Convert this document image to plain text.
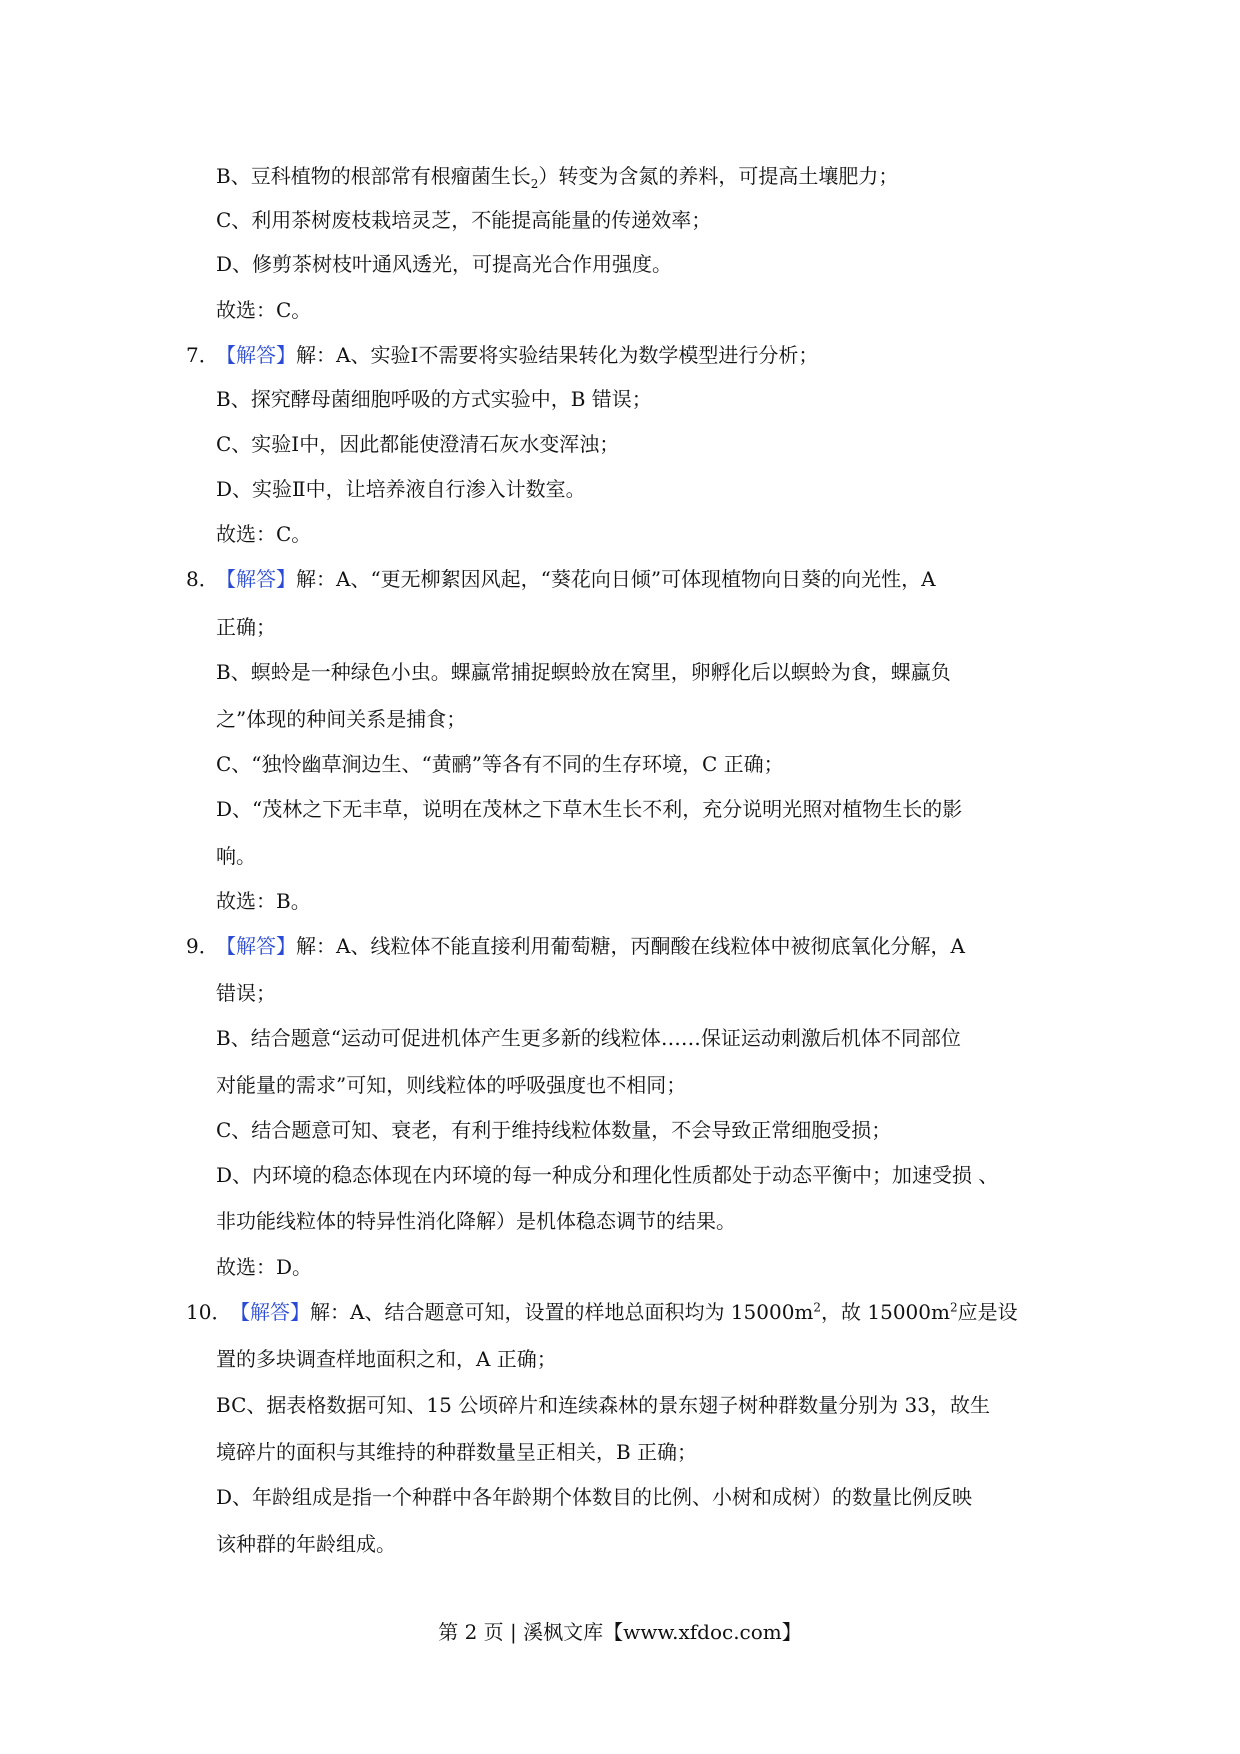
B、豆科植物的根部常有根瘤菌生长$_2$）转变为含氮的养料，可提高土壤肥力；
C、利用茶树废枝栽培灵芝，不能提高能量的传递效率；
D、修剪茶树枝叶通风透光，可提高光合作用强度。
故选：C。
7．【解答】解：A、实验Ⅰ不需要将实验结果转化为数学模型进行分析；
B、探究酵母菌细胞呼吸的方式实验中，B 错误；
C、实验Ⅰ中，因此都能使澄清石灰水变浑浊；
D、实验Ⅱ中，让培养液自行渗入计数室。
故选：C。
8．【解答】解：A、“更无柳絮因风起，“葵花向日倾”可体现植物向日葵的向光性，A
正确；
B、螟蛉是一种绿色小虫。蜾蠃常捕捉螟蛉放在窝里，卵孵化后以螟蛉为食，蜾蠃负
之”体现的种间关系是捕食；
C、“独怜幽草涧边生、“黄鹂”等各有不同的生存环境，C 正确；
D、“茂林之下无丰草，说明在茂林之下草木生长不利，充分说明光照对植物生长的影
响。
故选：B。
9．【解答】解：A、线粒体不能直接利用葡萄糖，丙酮酸在线粒体中被彻底氧化分解，A
错误；
B、结合题意“运动可促进机体产生更多新的线粒体……保证运动刺激后机体不同部位
对能量的需求”可知，则线粒体的呼吸强度也不相同；
C、结合题意可知、衰老，有利于维持线粒体数量，不会导致正常细胞受损；
D、内环境的稳态体现在内环境的每一种成分和理化性质都处于动态平衡中；加速受损 、
非功能线粒体的特异性消化降解）是机体稳态调节的结果。
故选：D。
10．【解答】解：A、结合题意可知，设置的样地总面积均为 $15000m^2$，故 $15000m^2$应是设
置的多块调查样地面积之和，A 正确；
BC、据表格数据可知、15 公顷碎片和连续森林的景东翅子树种群数量分别为 33，故生
境碎片的面积与其维持的种群数量呈正相关，B 正确；
D、年龄组成是指一个种群中各年龄期个体数目的比例、小树和成树）的数量比例反映
该种群的年龄组成。
第 2 页 | 溪枫文库【www.xfdoc.com】
